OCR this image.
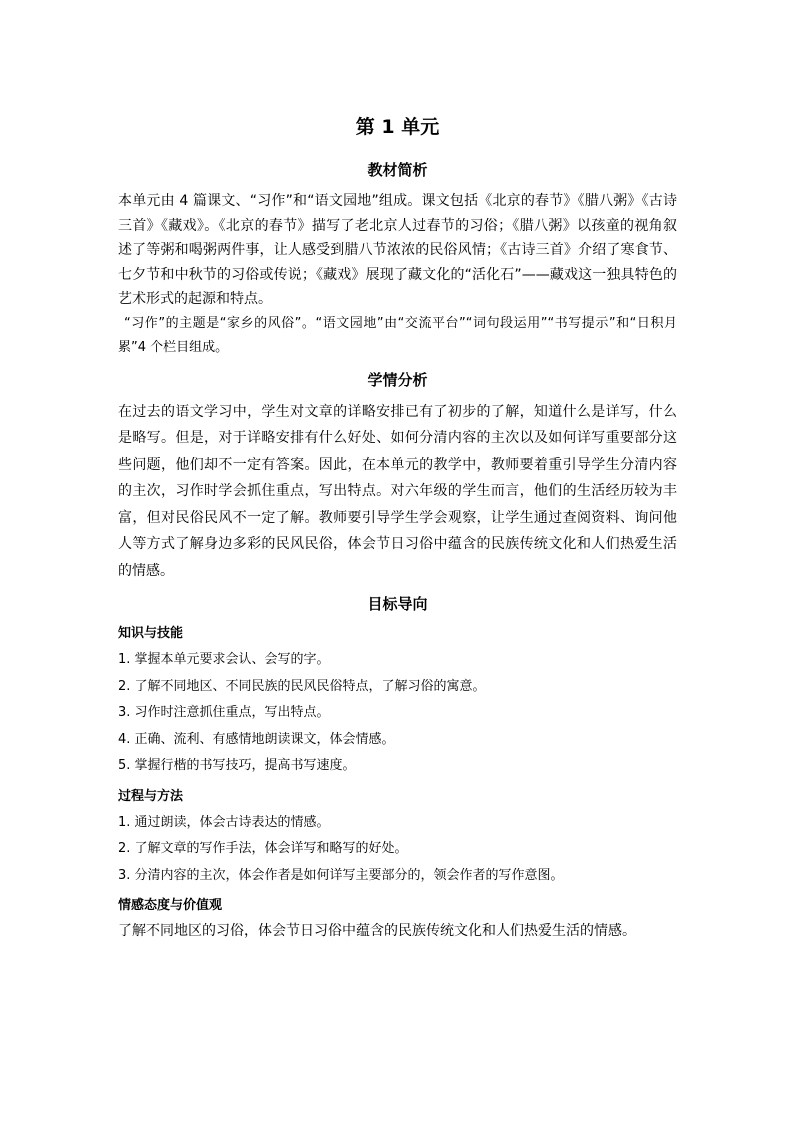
第 1 单元
教材简析

本单元由 4 篇课文、“习作”和“语文园地”组成。课文包括《北京的春节》《腊八粥》《古诗三首》《藏戏》。《北京的春节》描写了老北京人过春节的习俗；《腊八粥》以孩童的视角叙述了等粥和喝粥两件事，让人感受到腊八节浓浓的民俗风情；《古诗三首》介绍了寒食节、七夕节和中秋节的习俗或传说；《藏戏》展现了藏文化的“活化石”——藏戏这一独具特色的艺术形式的起源和特点。

“习作”的主题是“家乡的风俗”。“语文园地”由“交流平台”“词句段运用”“书写提示”和“日积月累”4 个栏目组成。

学情分析

在过去的语文学习中，学生对文章的详略安排已有了初步的了解，知道什么是详写，什么是略写。但是，对于详略安排有什么好处、如何分清内容的主次以及如何详写重要部分这些问题，他们却不一定有答案。因此，在本单元的教学中，教师要着重引导学生分清内容的主次，习作时学会抓住重点，写出特点。对六年级的学生而言，他们的生活经历较为丰富，但对民俗民风不一定了解。教师要引导学生学会观察，让学生通过查阅资料、询问他人等方式了解身边多彩的民风民俗，体会节日习俗中蕴含的民族传统文化和人们热爱生活的情感。

目标导向
知识与技能

1. 掌握本单元要求会认、会写的字。

2. 了解不同地区、不同民族的民风民俗特点，了解习俗的寓意。

3. 习作时注意抓住重点，写出特点。

4. 正确、流利、有感情地朗读课文，体会情感。

5. 掌握行楷的书写技巧，提高书写速度。

过程与方法

1. 通过朗读，体会古诗表达的情感。

2. 了解文章的写作手法，体会详写和略写的好处。

3. 分清内容的主次，体会作者是如何详写主要部分的，领会作者的写作意图。

情感态度与价值观

了解不同地区的习俗，体会节日习俗中蕴含的民族传统文化和人们热爱生活的情感。
